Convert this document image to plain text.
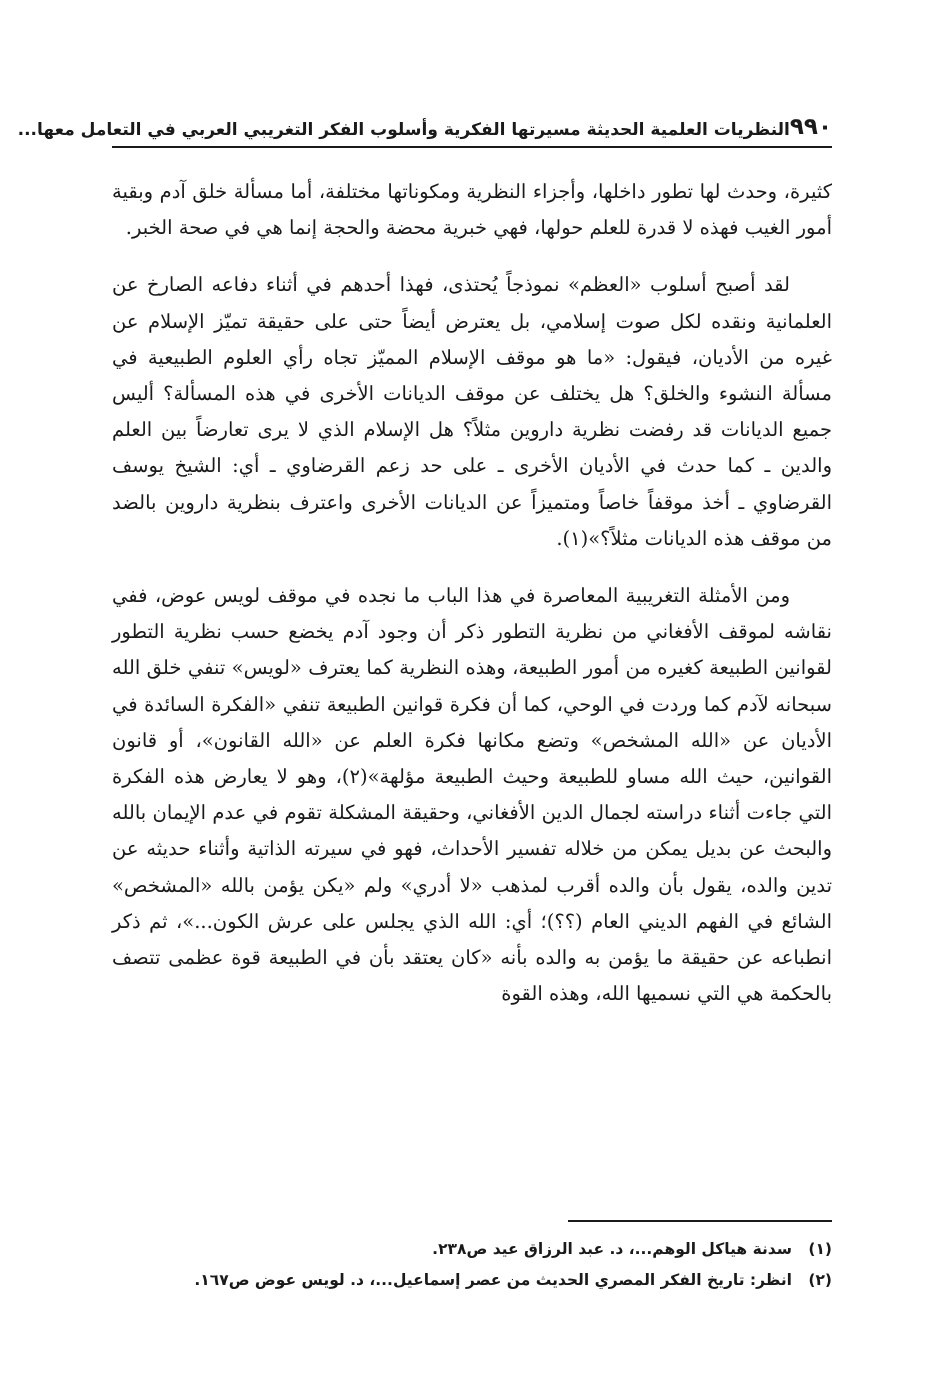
٩٩٠
النظريات العلمية الحديثة مسيرتها الفكرية وأسلوب الفكر التغريبي العربي في التعامل معها...

كثيرة، وحدث لها تطور داخلها، وأجزاء النظرية ومكوناتها مختلفة، أما مسألة خلق آدم وبقية أمور الغيب فهذه لا قدرة للعلم حولها، فهي خبرية محضة والحجة إنما هي في صحة الخبر.

لقد أصبح أسلوب «العظم» نموذجاً يُحتذى، فهذا أحدهم في أثناء دفاعه الصارخ عن العلمانية ونقده لكل صوت إسلامي، بل يعترض أيضاً حتى على حقيقة تميّز الإسلام عن غيره من الأديان، فيقول: «ما هو موقف الإسلام المميّز تجاه رأي العلوم الطبيعية في مسألة النشوء والخلق؟ هل يختلف عن موقف الديانات الأخرى في هذه المسألة؟ أليس جميع الديانات قد رفضت نظرية داروين مثلاً؟ هل الإسلام الذي لا يرى تعارضاً بين العلم والدين ـ كما حدث في الأديان الأخرى ـ على حد زعم القرضاوي ـ أي: الشيخ يوسف القرضاوي ـ أخذ موقفاً خاصاً ومتميزاً عن الديانات الأخرى واعترف بنظرية داروين بالضد من موقف هذه الديانات مثلاً؟»(١).

ومن الأمثلة التغريبية المعاصرة في هذا الباب ما نجده في موقف لويس عوض، ففي نقاشه لموقف الأفغاني من نظرية التطور ذكر أن وجود آدم يخضع حسب نظرية التطور لقوانين الطبيعة كغيره من أمور الطبيعة، وهذه النظرية كما يعترف «لويس» تنفي خلق الله سبحانه لآدم كما وردت في الوحي، كما أن فكرة قوانين الطبيعة تنفي «الفكرة السائدة في الأديان عن «الله المشخص» وتضع مكانها فكرة العلم عن «الله القانون»، أو قانون القوانين، حيث الله مساو للطبيعة وحيث الطبيعة مؤلهة»(٢)، وهو لا يعارض هذه الفكرة التي جاءت أثناء دراسته لجمال الدين الأفغاني، وحقيقة المشكلة تقوم في عدم الإيمان بالله والبحث عن بديل يمكن من خلاله تفسير الأحداث، فهو في سيرته الذاتية وأثناء حديثه عن تدين والده، يقول بأن والده أقرب لمذهب «لا أدري» ولم «يكن يؤمن بالله «المشخص» الشائع في الفهم الديني العام (؟؟)؛ أي: الله الذي يجلس على عرش الكون...»، ثم ذكر انطباعه عن حقيقة ما يؤمن به والده بأنه «كان يعتقد بأن في الطبيعة قوة عظمى تتصف بالحكمة هي التي نسميها الله، وهذه القوة

(١)سدنة هياكل الوهم...، د. عبد الرزاق عيد ص٢٣٨.
(٢)انظر: تاريخ الفكر المصري الحديث من عصر إسماعيل...، د. لويس عوض ص١٦٧.
